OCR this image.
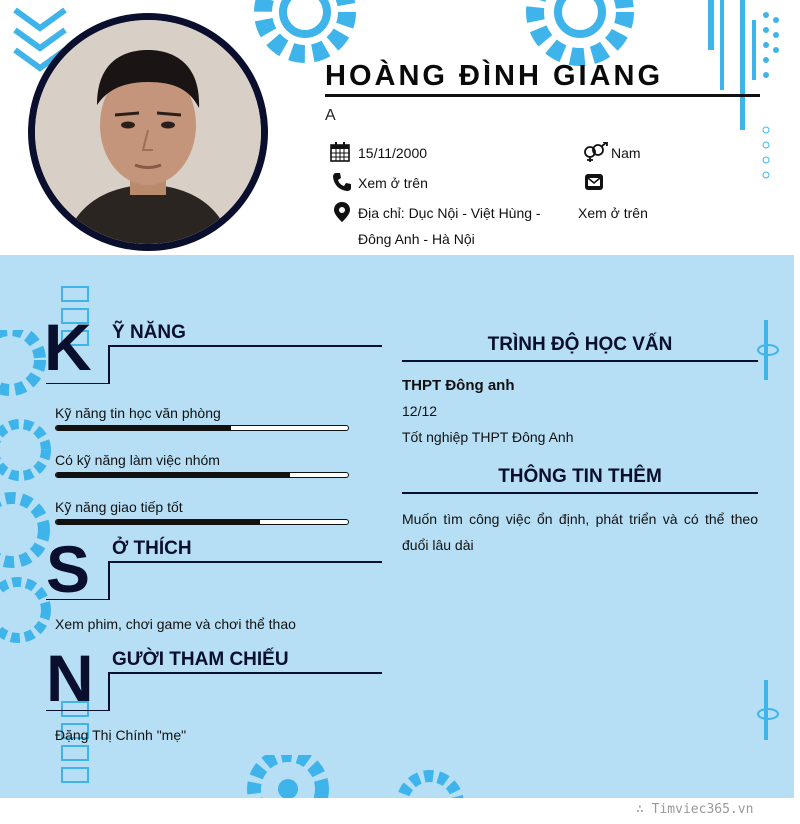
HOÀNG ĐÌNH GIANG
A
15/11/2000	Nam
Xem ở trên
Xem ở trên
Địa chỉ: Dục Nội - Việt Hùng -
Đông Anh - Hà Nội
K Ỹ NĂNG
Kỹ năng tin học văn phòng
Có kỹ năng làm việc nhóm
Kỹ năng giao tiếp tốt
S Ở THÍCH
Xem phim, chơi game và chơi thể thao
N GƯỜI THAM CHIẾU
Đặng Thị Chính "mẹ"
TRÌNH ĐỘ HỌC VẤN
THPT Đông anh
12/12
Tốt nghiệp THPT Đông Anh
THÔNG TIN THÊM
Muốn tìm công việc ổn định, phát triển và có thể theo
đuổi lâu dài
∴ Timviec365.vn
